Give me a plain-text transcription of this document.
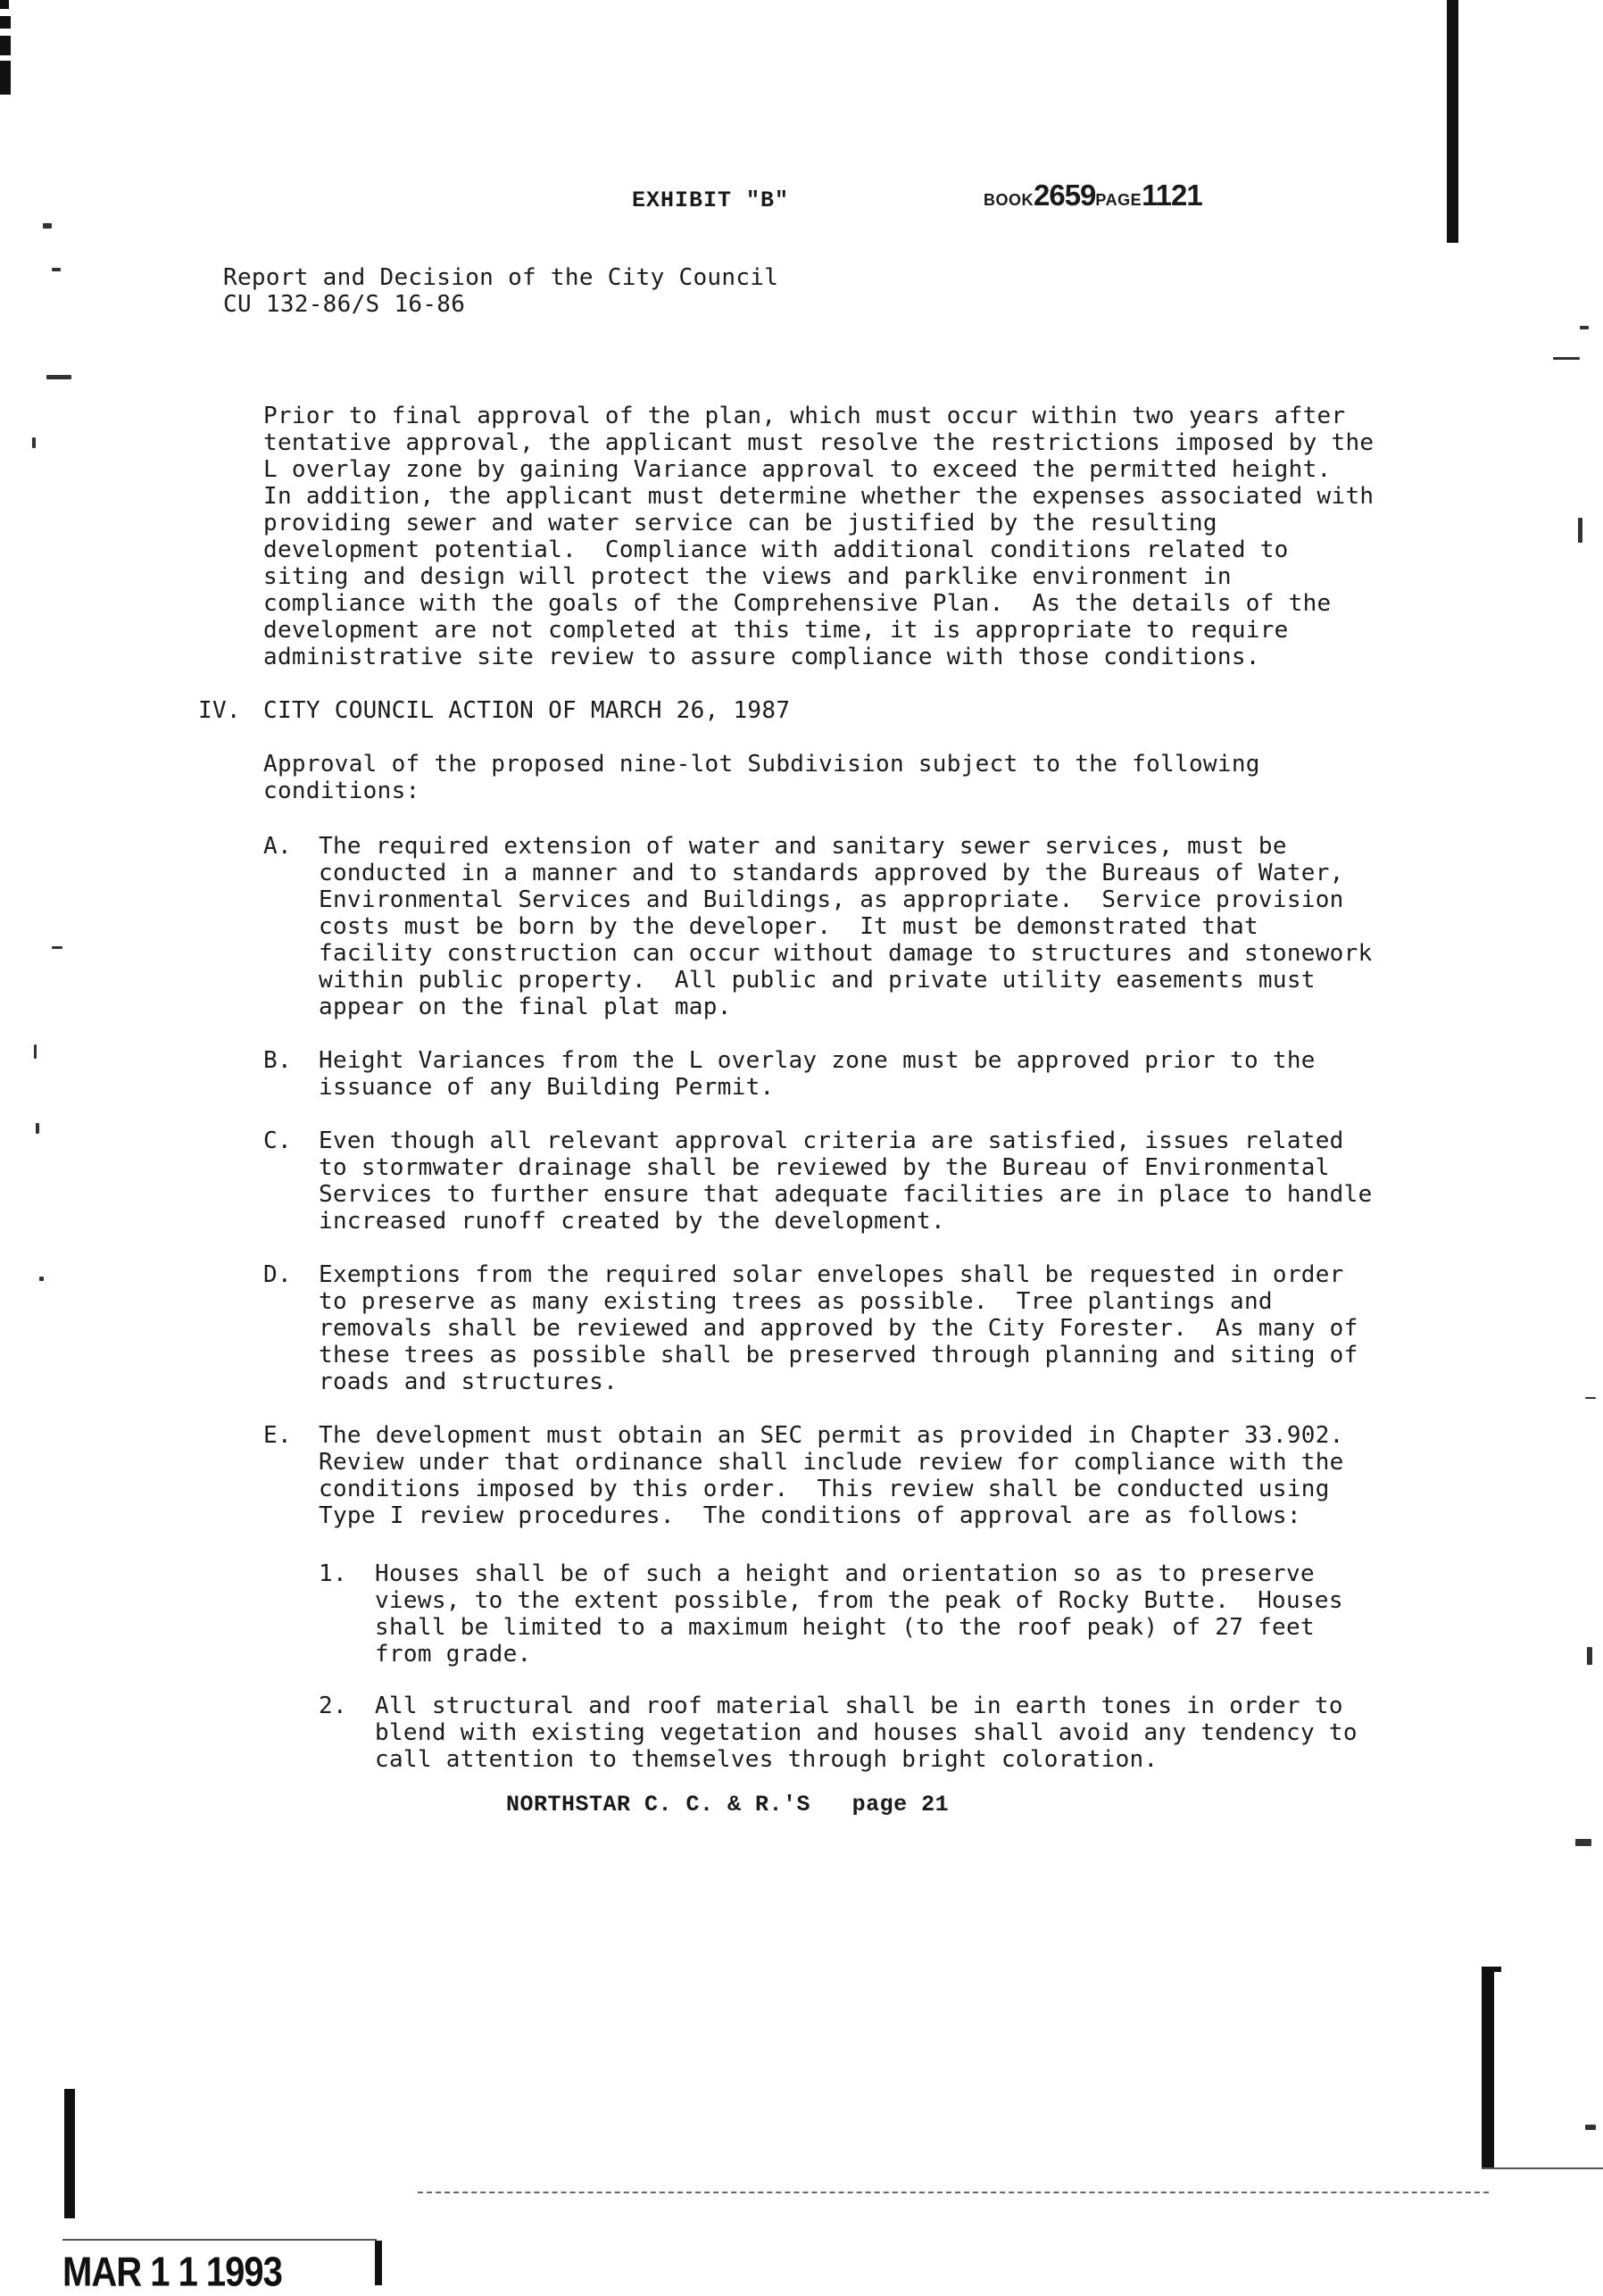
EXHIBIT "B"	BOOK2659PAGE1121
Report and Decision of the City Council
CU 132-86/S 16-86
Prior to final approval of the plan, which must occur within two years after
tentative approval, the applicant must resolve the restrictions imposed by the
L overlay zone by gaining Variance approval to exceed the permitted height.
In addition, the applicant must determine whether the expenses associated with
providing sewer and water service can be justified by the resulting
development potential.  Compliance with additional conditions related to
siting and design will protect the views and parklike environment in
compliance with the goals of the Comprehensive Plan.  As the details of the
development are not completed at this time, it is appropriate to require
administrative site review to assure compliance with those conditions.
IV. CITY COUNCIL ACTION OF MARCH 26, 1987
Approval of the proposed nine-lot Subdivision subject to the following
conditions:
A. The required extension of water and sanitary sewer services, must be
conducted in a manner and to standards approved by the Bureaus of Water,
Environmental Services and Buildings, as appropriate.  Service provision
costs must be born by the developer.  It must be demonstrated that
facility construction can occur without damage to structures and stonework
within public property.  All public and private utility easements must
appear on the final plat map.
B. Height Variances from the L overlay zone must be approved prior to the
issuance of any Building Permit.
C. Even though all relevant approval criteria are satisfied, issues related
to stormwater drainage shall be reviewed by the Bureau of Environmental
Services to further ensure that adequate facilities are in place to handle
increased runoff created by the development.
D. Exemptions from the required solar envelopes shall be requested in order
to preserve as many existing trees as possible.  Tree plantings and
removals shall be reviewed and approved by the City Forester.  As many of
these trees as possible shall be preserved through planning and siting of
roads and structures.
E. The development must obtain an SEC permit as provided in Chapter 33.902.
Review under that ordinance shall include review for compliance with the
conditions imposed by this order.  This review shall be conducted using
Type I review procedures.  The conditions of approval are as follows:
1. Houses shall be of such a height and orientation so as to preserve
views, to the extent possible, from the peak of Rocky Butte.  Houses
shall be limited to a maximum height (to the roof peak) of 27 feet
from grade.
2. All structural and roof material shall be in earth tones in order to
blend with existing vegetation and houses shall avoid any tendency to
call attention to themselves through bright coloration.
NORTHSTAR C. C. & R.'S page 21
MAR 1 1 1993
